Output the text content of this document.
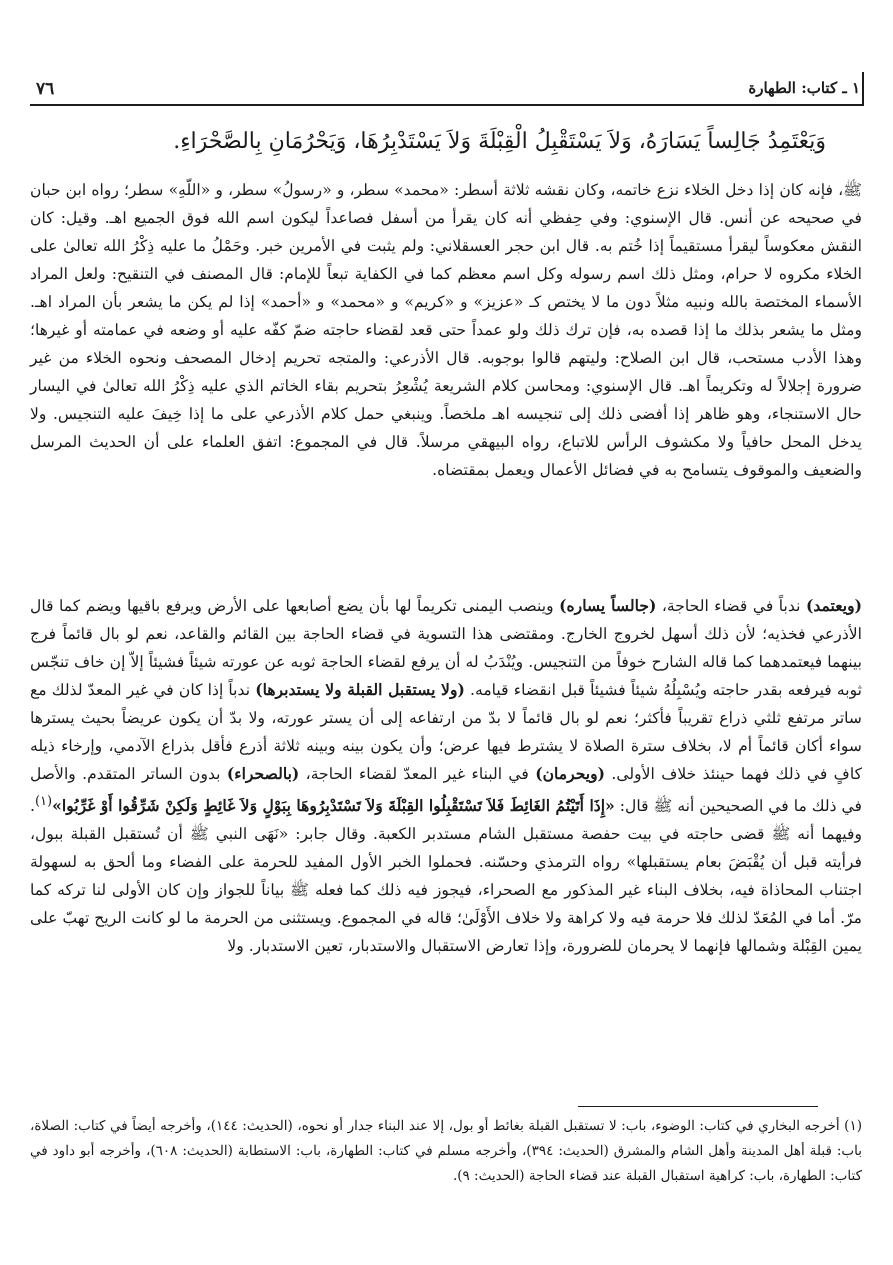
٧٦	١ ـ كتاب: الطهارة
وَيَعْتَمِدُ جَالِساً يَسَارَهُ، وَلاَ يَسْتَقْبِلُ الْقِبْلَةَ وَلاَ يَسْتَدْبِرُهَا، وَيَحْرُمَانِ بِالصَّحْرَاءِ.

ﷺ، فإنه كان إذا دخل الخلاء نزع خاتمه، وكان نقشه ثلاثة أسطر: «محمد» سطر، و «رسولُ» سطر، و «اللّهِ» سطر؛ رواه ابن حبان في صحيحه عن أنس. قال الإسنوي: وفي حِفظي أنه كان يقرأ من أسفل فصاعداً ليكون اسم الله فوق الجميع اهـ. وقيل: كان النقش معكوساً ليقرأ مستقيماً إذا خُتم به. قال ابن حجر العسقلاني: ولم يثبت في الأمرين خبر. وحَمْلُ ما عليه ذِكْرُ الله تعالىٰ على الخلاء مكروه لا حرام، ومثل ذلك اسم رسوله وكل اسم معظم كما في الكفاية تبعاً للإمام: قال المصنف في التنقيح: ولعل المراد الأسماء المختصة بالله ونبيه مثلاً دون ما لا يختص كـ «عزيز» و «كريم» و «محمد» و «أحمد» إذا لم يكن ما يشعر بأن المراد اهـ. ومثل ما يشعر بذلك ما إذا قصده به، فإن ترك ذلك ولو عمداً حتى قعد لقضاء حاجته ضمّ كفّه عليه أو وضعه في عمامته أو غيرها؛ وهذا الأدب مستحب، قال ابن الصلاح: وليتهم قالوا بوجوبه. قال الأذرعي: والمتجه تحريم إدخال المصحف ونحوه الخلاء من غير ضرورة إجلالاً له وتكريماً اهـ. قال الإسنوي: ومحاسن كلام الشريعة يُشْعِرُ بتحريم بقاء الخاتم الذي عليه ذِكْرُ الله تعالىٰ في اليسار حال الاستنجاء، وهو ظاهر إذا أفضى ذلك إلى تنجيسه اهـ ملخصاً. وينبغي حمل كلام الأذرعي على ما إذا خِيفَ عليه التنجيس. ولا يدخل المحل حافياً ولا مكشوف الرأس للاتباع، رواه البيهقي مرسلاً. قال في المجموع: اتفق العلماء على أن الحديث المرسل والضعيف والموقوف يتسامح به في فضائل الأعمال ويعمل بمقتضاه.

(ويعتمد) ندباً في قضاء الحاجة، (جالساً يساره) وينصب اليمنى تكريماً لها بأن يضع أصابعها على الأرض ويرفع باقيها ويضم كما قال الأذرعي فخذيه؛ لأن ذلك أسهل لخروج الخارج. ومقتضى هذا التسوية في قضاء الحاجة بين القائم والقاعد، نعم لو بال قائماً فرج بينهما فيعتمدهما كما قاله الشارح خوفاً من التنجيس. ويُنْدَبُ له أن يرفع لقضاء الحاجة ثوبه عن عورته شيئاً فشيئاً إلاّ إن خاف تنجّس ثوبه فيرفعه بقدر حاجته ويُسْبِلُهُ شيئاً فشيئاً قبل انقضاء قيامه. (ولا يستقبل القبلة ولا يستدبرها) ندباً إذا كان في غير المعدّ لذلك مع ساتر مرتفع ثلثي ذراع تقريباً فأكثر؛ نعم لو بال قائماً لا بدّ من ارتفاعه إلى أن يستر عورته، ولا بدّ أن يكون عريضاً بحيث يسترها سواء أكان قائماً أم لا، بخلاف سترة الصلاة لا يشترط فيها عرض؛ وأن يكون بينه وبينه ثلاثة أذرع فأقل بذراع الآدمي، وإرخاء ذيله كافٍ في ذلك فهما حينئذ خلاف الأولى. (ويحرمان) في البناء غير المعدّ لقضاء الحاجة، (بالصحراء) بدون الساتر المتقدم. والأصل في ذلك ما في الصحيحين أنه ﷺ قال: «إِذَا أَتَيْتُمُ الغَائِطَ فَلاَ تَسْتَقْبِلُوا القِبْلَةَ وَلاَ تَسْتَدْبِرُوهَا بِبَوْلٍ وَلاَ غَائِطٍ وَلَكِنْ شَرِّقُوا أَوْ غَرِّبُوا»$^{(١)}$. وفيهما أنه ﷺ قضى حاجته في بيت حفصة مستقبل الشام مستدبر الكعبة. وقال جابر: «نَهَى النبي ﷺ أن تُستقبل القبلة ببول، فرأيته قبل أن يُقْبَضَ بعام يستقبلها» رواه الترمذي وحسّنه. فحملوا الخبر الأول المفيد للحرمة على الفضاء وما ألحق به لسهولة اجتناب المحاذاة فيه، بخلاف البناء غير المذكور مع الصحراء، فيجوز فيه ذلك كما فعله ﷺ بياناً للجواز وإن كان الأولى لنا تركه كما مرّ. أما في المُعَدّ لذلك فلا حرمة فيه ولا كراهة ولا خلاف الأَوْلَىٰ؛ قاله في المجموع. ويستثنى من الحرمة ما لو كانت الريح تهبّ على يمين القِبْلة وشمالها فإنهما لا يحرمان للضرورة، وإذا تعارض الاستقبال والاستدبار، تعين الاستدبار. ولا

(١) أخرجه البخاري في كتاب: الوضوء، باب: لا تستقبل القبلة بغائط أو بول، إلا عند البناء جدار أو نحوه، (الحديث: ١٤٤)، وأخرجه أيضاً في كتاب: الصلاة، باب: قبلة أهل المدينة وأهل الشام والمشرق (الحديث: ٣٩٤)، وأخرجه مسلم في كتاب: الطهارة، باب: الاستطابة (الحديث: ٦٠٨)، وأخرجه أبو داود في كتاب: الطهارة، باب: كراهية استقبال القبلة عند قضاء الحاجة (الحديث: ٩).
